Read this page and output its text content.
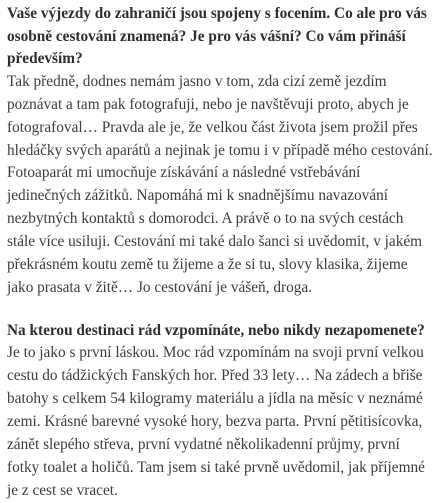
Vaše výjezdy do zahraničí jsou spojeny s focením. Co ale pro vás osobně cestování znamená? Je pro vás vášní? Co vám přináší především?

Tak předně, dodnes nemám jasno v tom, zda cizí země jezdím poznávat a tam pak fotografuji, nebo je navštěvuji proto, abych je fotografoval… Pravda ale je, že velkou část života jsem prožil přes hledáčky svých aparátů a nejinak je tomu i v případě mého cestování. Fotoaparát mi umocňuje získávání a následné vstřebávání jedinečných zážitků. Napomáhá mi k snadnějšímu navazování nezbytných kontaktů s domorodci. A právě o to na svých cestách stále více usiluji. Cestování mi také dalo šanci si uvědomit, v jakém překrásném koutu země tu žijeme a že si tu, slovy klasika, žijeme jako prasata v žitě… Jo cestování je vášeň, droga.

Na kterou destinaci rád vzpomínáte, nebo nikdy nezapomenete?

Je to jako s první láskou. Moc rád vzpomínám na svoji první velkou cestu do tádžických Fanských hor. Před 33 lety… Na zádech a břiše batohy s celkem 54 kilogramy materiálu a jídla na měsíc v neznámé zemi. Krásné barevné vysoké hory, bezva parta. První pětitisícovka, zánět slepého střeva, první vydatné několikadenní průjmy, první fotky toalet a holičů. Tam jsem si také prvně uvědomil, jak příjemné je z cest se vracet.
